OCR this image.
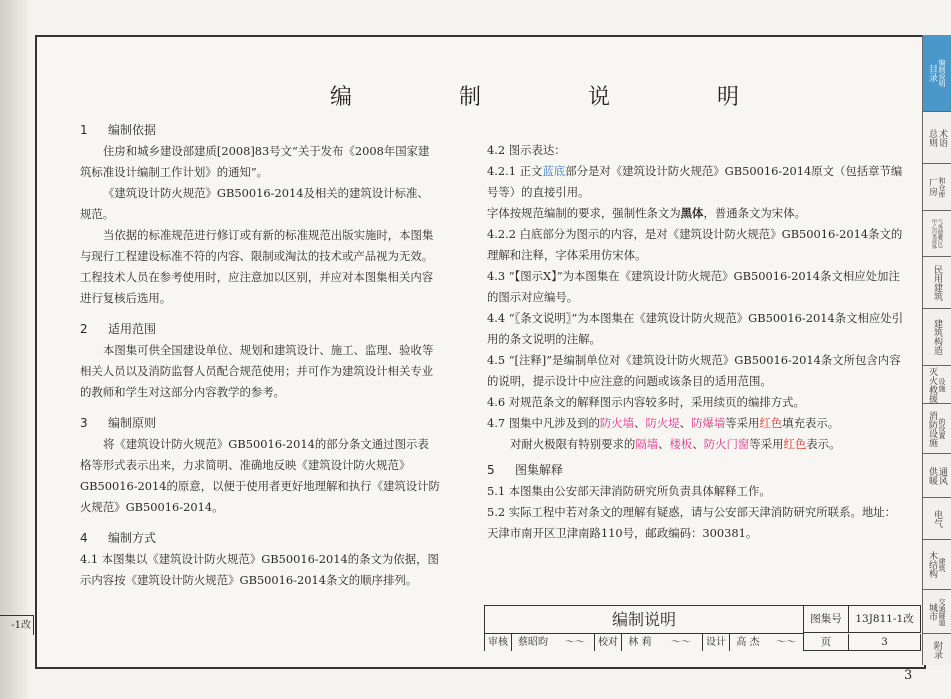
编 制 说 明

1 编制依据

住房和城乡建设部建质[2008]83号文“关于发布《2008年国家建筑标准设计编制工作计划》的通知”。

《建筑设计防火规范》GB50016-2014及相关的建筑设计标准、规范。

当依据的标准规范进行修订或有新的标准规范出版实施时，本图集与现行工程建设标准不符的内容、限制或淘汰的技术或产品视为无效。工程技术人员在参考使用时，应注意加以区别，并应对本图集相关内容进行复核后选用。

2 适用范围

本图集可供全国建设单位、规划和建筑设计、施工、监理、验收等相关人员以及消防监督人员配合规范使用；并可作为建筑设计相关专业的教师和学生对这部分内容教学的参考。

3 编制原则

将《建筑设计防火规范》GB50016-2014的部分条文通过图示表格等形式表示出来，力求简明、准确地反映《建筑设计防火规范》GB50016-2014的原意，以便于使用者更好地理解和执行《建筑设计防火规范》GB50016-2014。

4 编制方式

4.1 本图集以《建筑设计防火规范》GB50016-2014的条文为依据，图示内容按《建筑设计防火规范》GB50016-2014条文的顺序排列。

4.2 图示表达：

4.2.1 正文蓝底部分是对《建筑设计防火规范》GB50016-2014原文（包括章节编号等）的直接引用。

字体按规范编制的要求，强制性条文为黑体，普通条文为宋体。

4.2.2 白底部分为图示的内容，是对《建筑设计防火规范》GB50016-2014条文的理解和注释，字体采用仿宋体。

4.3 “【图示X】”为本图集在《建筑设计防火规范》GB50016-2014条文相应处加注的图示对应编号。

4.4 “〖条文说明〗”为本图集在《建筑设计防火规范》GB50016-2014条文相应处引用的条文说明的注解。

4.5 “[注释]”是编制单位对《建筑设计防火规范》GB50016-2014条文所包含内容的说明，提示设计中应注意的问题或该条目的适用范围。

4.6 对规范条文的解释图示内容较多时，采用续页的编排方式。

4.7 图集中凡涉及到的防火墙、防火堤、防爆墙等采用红色填充表示。

对耐火极限有特别要求的隔墙、楼板、防火门窗等采用红色表示。

5 图集解释

5.1 本图集由公安部天津消防研究所负责具体解释工作。

5.2 实际工程中若对条文的理解有疑惑，请与公安部天津消防研究所联系。地址：天津市南开区卫津南路110号，邮政编码：300381。

编制说明	图集号	13J811-1改
页	3
审核 蔡昭昀 ～～ 校对 林 莉 ～～ 设计 高 杰 ～～
目录 编制说明
总则 术语
厂房 和仓库
甲乙丙类液体 气体储罐(区)
民用建筑
建筑构造
灭火救援 设施
消防设施 的设置
供暖 通风
电气
木结构 建筑
城市 交通隧道
附录
-1改
3
